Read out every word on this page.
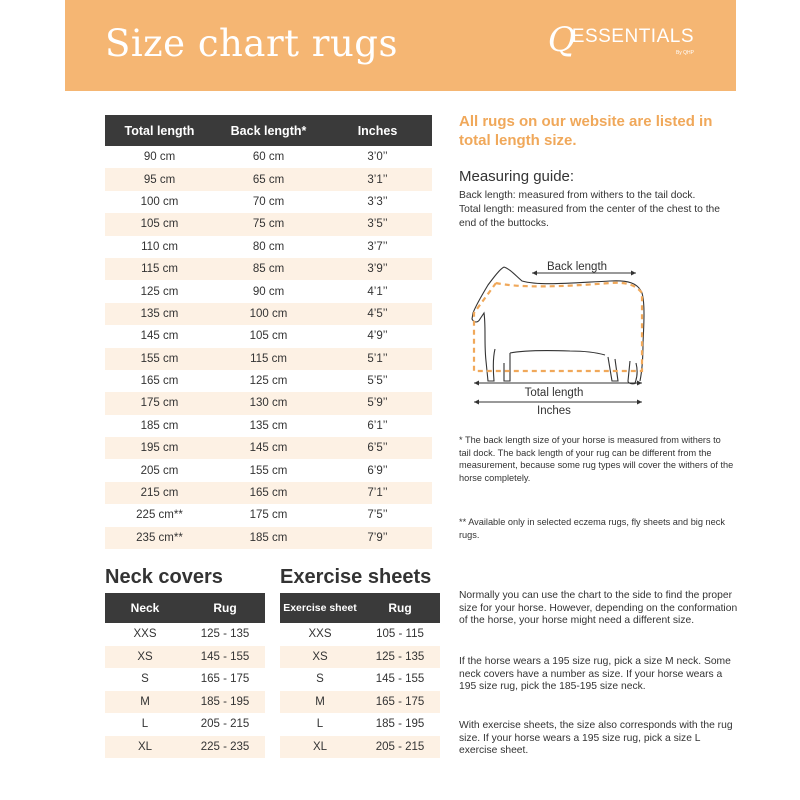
Size chart rugs	Q
ESSENTIALS
By QHP
Total length	Back length*	Inches
90 cm	60 cm	3’0’’
95 cm	65 cm	3’1’’
100 cm	70 cm	3’3’’
105 cm	75 cm	3’5’’
110 cm	80 cm	3’7’’
115 cm	85 cm	3’9’’
125 cm	90 cm	4’1’’
135 cm	100 cm	4’5’’
145 cm	105 cm	4’9’’
155 cm	115 cm	5’1’’
165 cm	125 cm	5’5’’
175 cm	130 cm	5’9’’
185 cm	135 cm	6’1’’
195 cm	145 cm	6’5’’
205 cm	155 cm	6’9’’
215 cm	165 cm	7’1’’
225 cm**	175 cm	7’5’’
235 cm**	185 cm	7’9’’
Neck covers	Exercise sheets
Neck	Rug
XXS	125 - 135
XS	145 - 155
S	165 - 175
M	185 - 195
L	205 - 215
XL	225 - 235
Exercise sheet	Rug
XXS	105 - 115
XS	125 - 135
S	145 - 155
M	165 - 175
L	185 - 195
XL	205 - 215
All rugs on our website are listed in total length size.
Measuring guide:
Back length: measured from withers to the tail dock.
Total length: measured from the center of the chest to the end of the buttocks.
Back length
Total length
Inches
* The back length size of your horse is measured from withers to tail dock. The back length of your rug can be different from the measurement, because some rug types will cover the withers of the horse completely.
** Available only in selected eczema rugs, fly sheets and big neck rugs.
Normally you can use the chart to the side to find the proper size for your horse. However, depending on the conformation of the horse, your horse might need a different size.
If the horse wears a 195 size rug, pick a size M neck. Some neck covers have a number as size. If your horse wears a 195 size rug, pick the 185-195 size neck.
With exercise sheets, the size also corresponds with the rug size. If your horse wears a 195 size rug, pick a size L exercise sheet.
